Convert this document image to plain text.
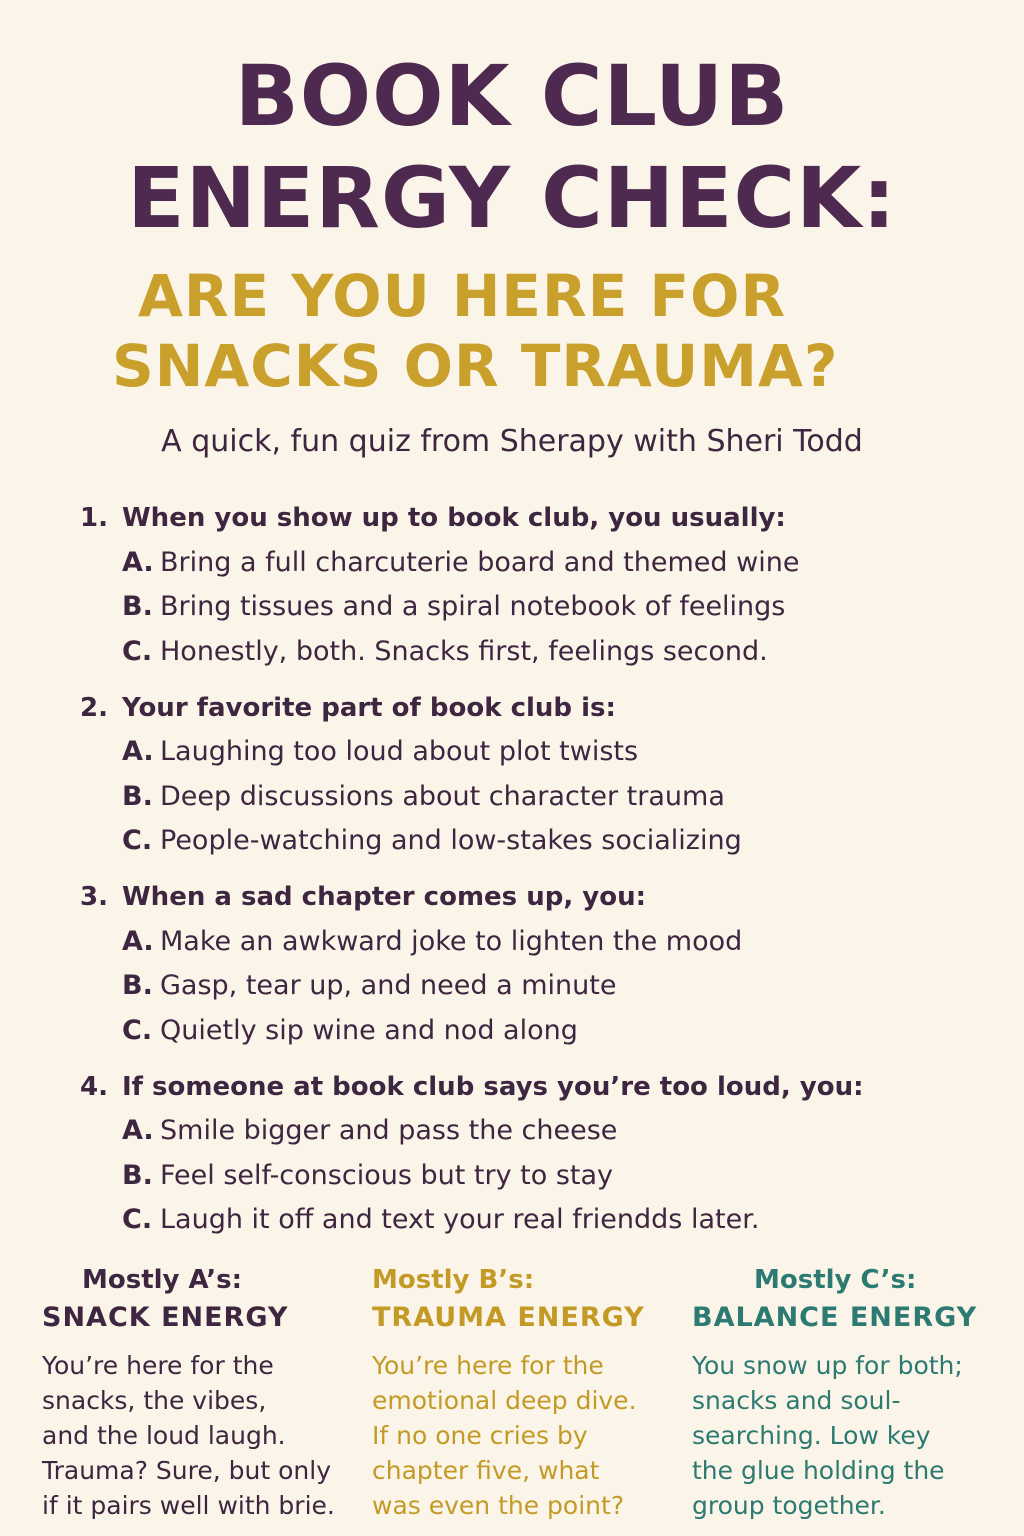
BOOK CLUB
ENERGY CHECK:
ARE YOU HERE FOR
SNACKS OR TRAUMA?
A quick, fun quiz from Sherapy with Sheri Todd
1. When you show up to book club, you usually:
A. Bring a full charcuterie board and themed wine
B. Bring tissues and a spiral notebook of feelings
C. Honestly, both. Snacks first, feelings second.
2. Your favorite part of book club is:
A. Laughing too loud about plot twists
B. Deep discussions about character trauma
C. People-watching and low-stakes socializing
3. When a sad chapter comes up, you:
A. Make an awkward joke to lighten the mood
B. Gasp, tear up, and need a minute
C. Quietly sip wine and nod along
4. If someone at book club says you’re too loud, you:
A. Smile bigger and pass the cheese
B. Feel self-conscious but try to stay
C. Laugh it off and text your real friendds later.
Mostly A’s:
SNACK ENERGY
You’re here for the
snacks, the vibes,
and the loud laugh.
Trauma? Sure, but only
if it pairs well with brie.
Mostly B’s:
TRAUMA ENERGY
You’re here for the
emotional deep dive.
If no one cries by
chapter five, what
was even the point?
Mostly C’s:
BALANCE ENERGY
You snow up for both;
snacks and soul-
searching. Low key
the glue holding the
group together.
